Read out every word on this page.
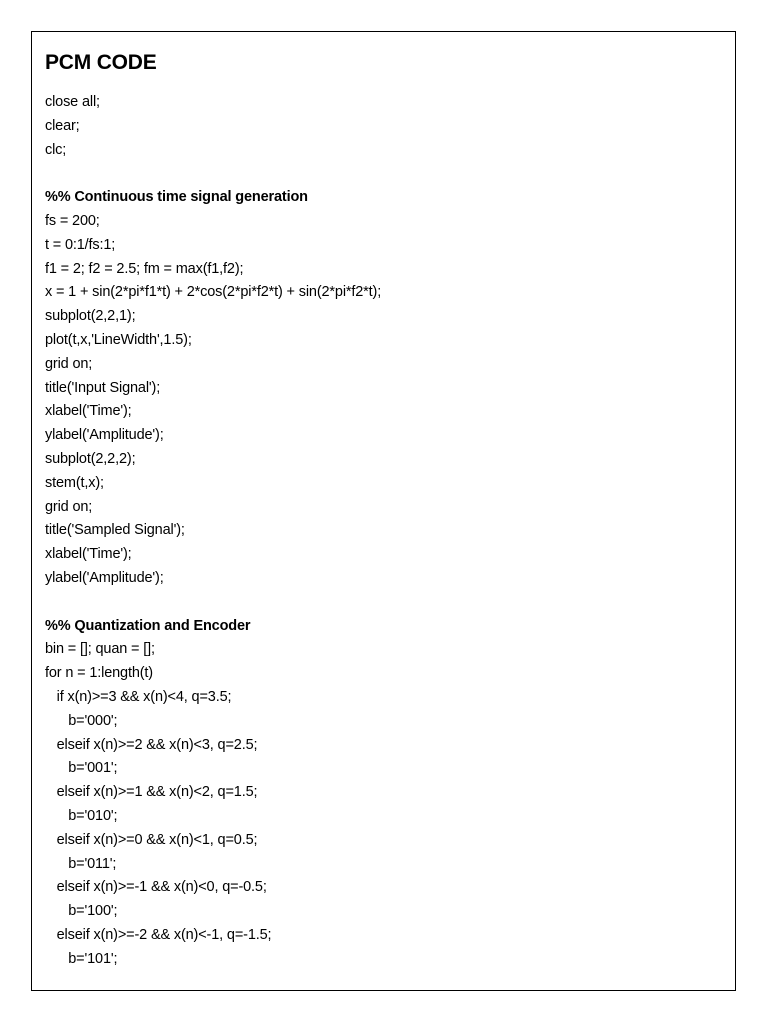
PCM CODE
close all;
clear;
clc;
%% Continuous time signal generation
fs = 200;
t = 0:1/fs:1;
f1 = 2; f2 = 2.5; fm = max(f1,f2);
x = 1 + sin(2*pi*f1*t) + 2*cos(2*pi*f2*t) + sin(2*pi*f2*t);
subplot(2,2,1);
plot(t,x,'LineWidth',1.5);
grid on;
title('Input Signal');
xlabel('Time');
ylabel('Amplitude');
subplot(2,2,2);
stem(t,x);
grid on;
title('Sampled Signal');
xlabel('Time');
ylabel('Amplitude');
%% Quantization and Encoder
bin = []; quan = [];
for n = 1:length(t)
if x(n)>=3 && x(n)<4, q=3.5;
b='000';
elseif x(n)>=2 && x(n)<3, q=2.5;
b='001';
elseif x(n)>=1 && x(n)<2, q=1.5;
b='010';
elseif x(n)>=0 && x(n)<1, q=0.5;
b='011';
elseif x(n)>=-1 && x(n)<0, q=-0.5;
b='100';
elseif x(n)>=-2 && x(n)<-1, q=-1.5;
b='101';
